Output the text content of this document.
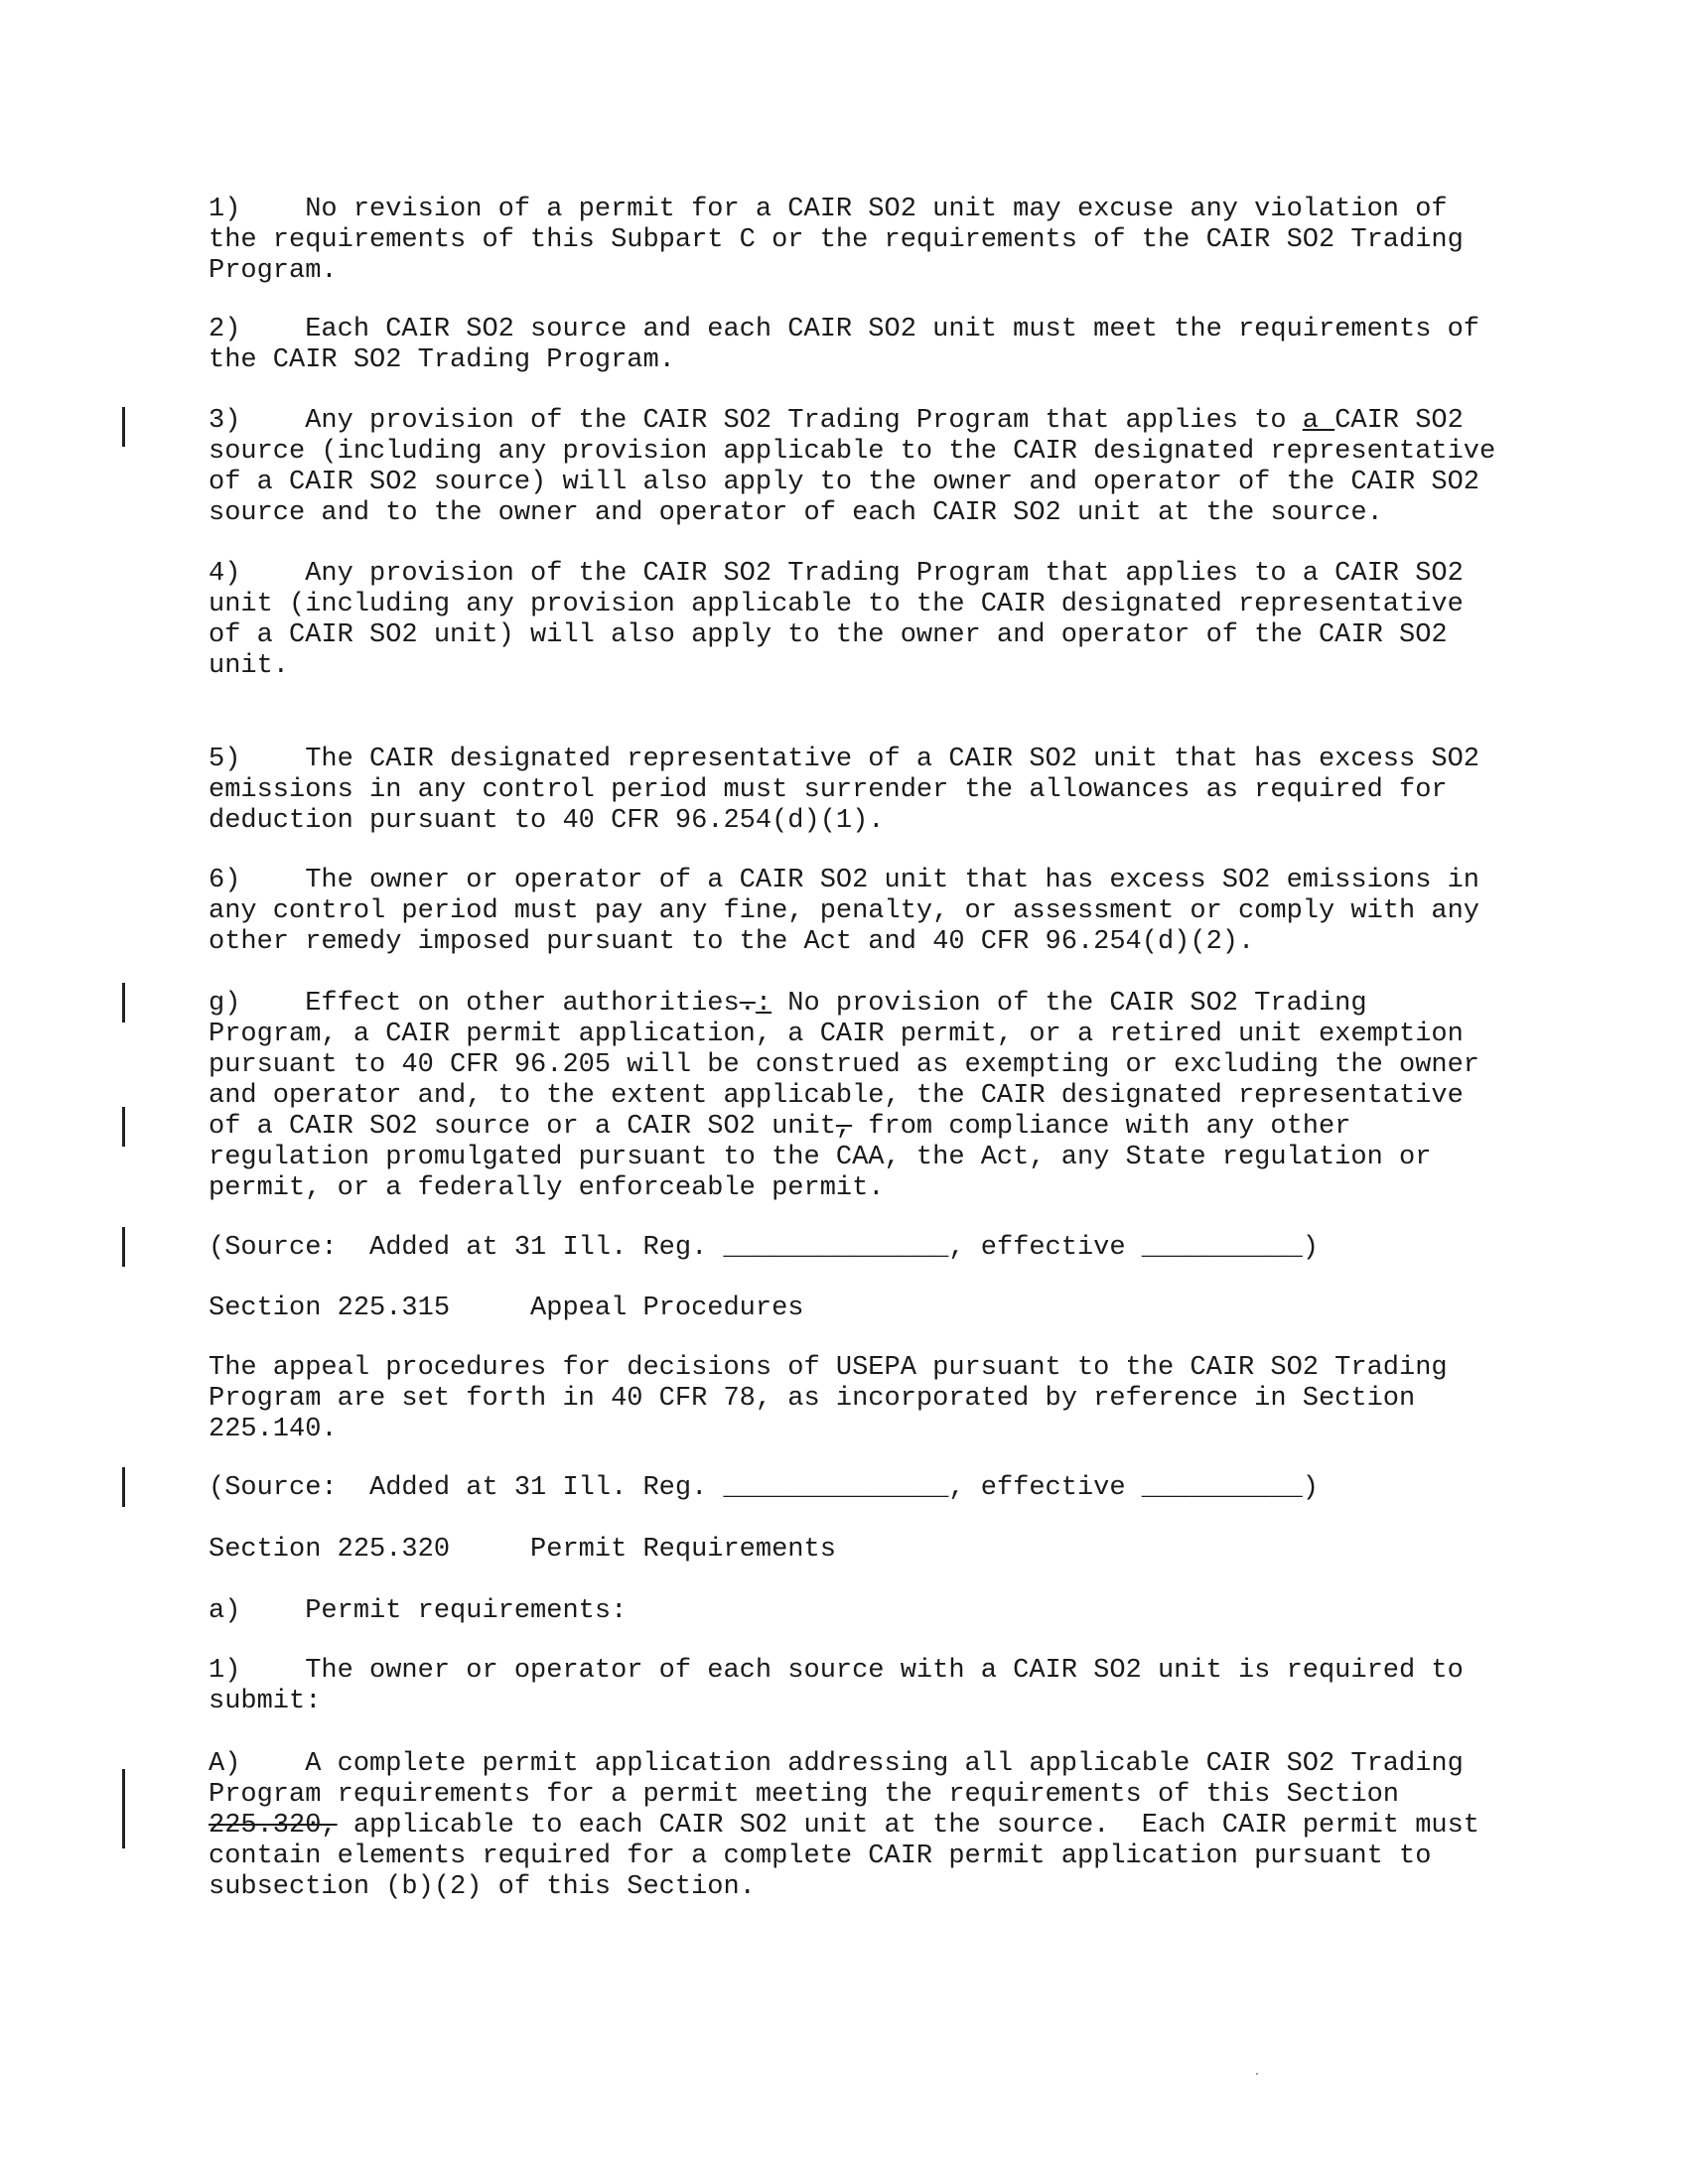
1)    No revision of a permit for a CAIR SO2 unit may excuse any violation of
the requirements of this Subpart C or the requirements of the CAIR SO2 Trading
Program.

2)    Each CAIR SO2 source and each CAIR SO2 unit must meet the requirements of
the CAIR SO2 Trading Program.

3)    Any provision of the CAIR SO2 Trading Program that applies to a CAIR SO2
source (including any provision applicable to the CAIR designated representative
of a CAIR SO2 source) will also apply to the owner and operator of the CAIR SO2
source and to the owner and operator of each CAIR SO2 unit at the source.

4)    Any provision of the CAIR SO2 Trading Program that applies to a CAIR SO2
unit (including any provision applicable to the CAIR designated representative
of a CAIR SO2 unit) will also apply to the owner and operator of the CAIR SO2
unit.

5)    The CAIR designated representative of a CAIR SO2 unit that has excess SO2
emissions in any control period must surrender the allowances as required for
deduction pursuant to 40 CFR 96.254(d)(1).

6)    The owner or operator of a CAIR SO2 unit that has excess SO2 emissions in
any control period must pay any fine, penalty, or assessment or comply with any
other remedy imposed pursuant to the Act and 40 CFR 96.254(d)(2).

g)    Effect on other authorities.: No provision of the CAIR SO2 Trading
Program, a CAIR permit application, a CAIR permit, or a retired unit exemption
pursuant to 40 CFR 96.205 will be construed as exempting or excluding the owner
and operator and, to the extent applicable, the CAIR designated representative
of a CAIR SO2 source or a CAIR SO2 unit, from compliance with any other
regulation promulgated pursuant to the CAA, the Act, any State regulation or
permit, or a federally enforceable permit.

(Source:  Added at 31 Ill. Reg. ______________, effective __________)

Section 225.315     Appeal Procedures

The appeal procedures for decisions of USEPA pursuant to the CAIR SO2 Trading
Program are set forth in 40 CFR 78, as incorporated by reference in Section
225.140.

(Source:  Added at 31 Ill. Reg. ______________, effective __________)

Section 225.320     Permit Requirements

a)    Permit requirements:

1)    The owner or operator of each source with a CAIR SO2 unit is required to
submit:

A)    A complete permit application addressing all applicable CAIR SO2 Trading
Program requirements for a permit meeting the requirements of this Section 225.320, applicable to each CAIR SO2 unit at the source.  Each CAIR permit must
contain elements required for a complete CAIR permit application pursuant to
subsection (b)(2) of this Section.
